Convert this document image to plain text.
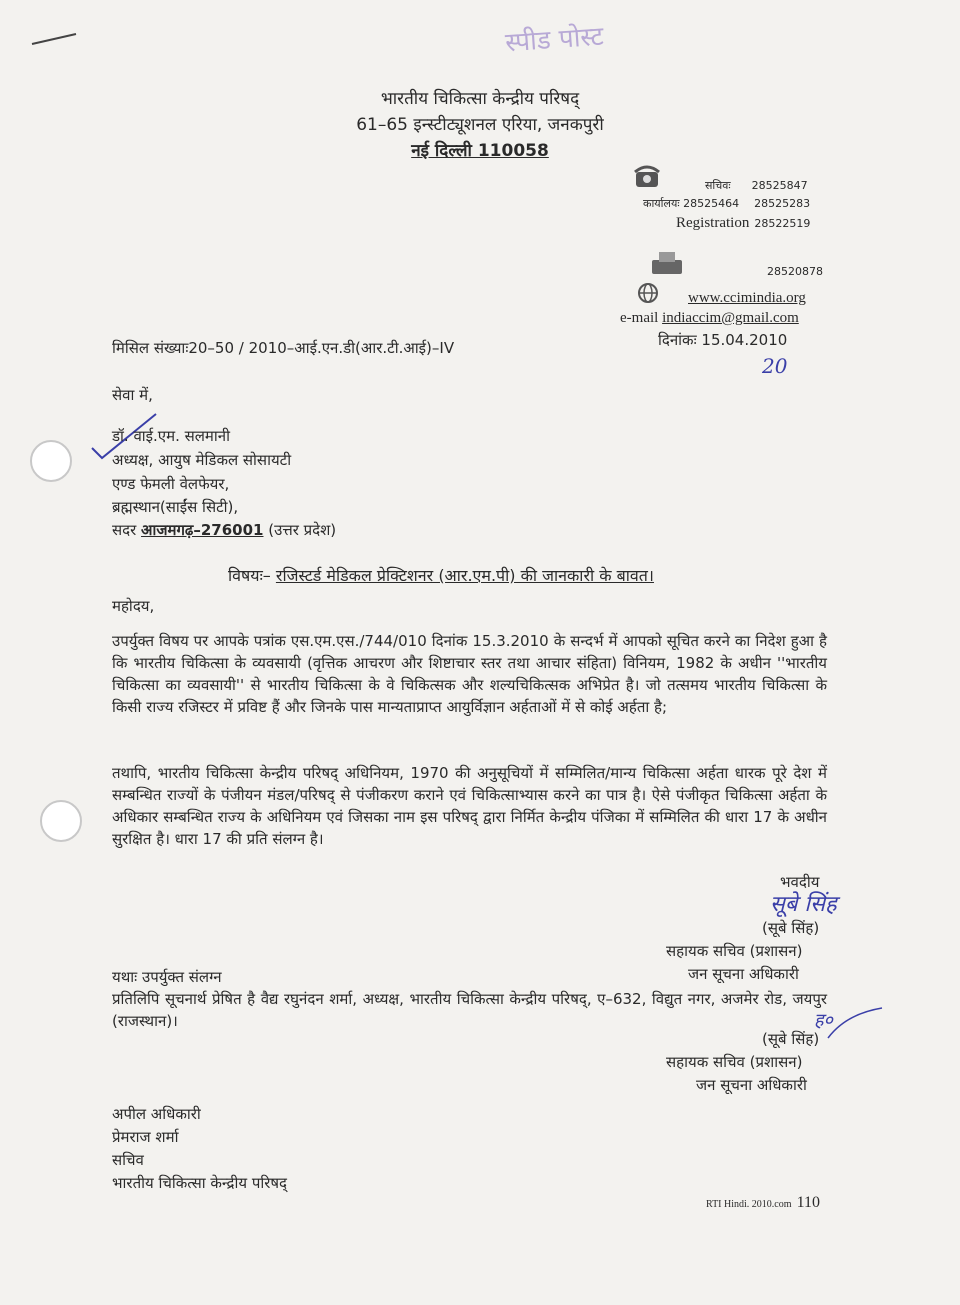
स्पीड पोस्ट
भारतीय चिकित्सा केन्द्रीय परिषद्
61–65 इन्स्टीट्यूशनल एरिया, जनकपुरी
नई दिल्ली 110058
सचिवः 28525847
कार्यालयः 28525464 28525283
Registration 28522519
28520878
www.ccimindia.org
e-mail indiaccim@gmail.com
मिसिल संख्याः20–50 / 2010–आई.एन.डी(आर.टी.आई)–IV	दिनांकः 15.04.2010
20
सेवा में,
डॉ. वाई.एम. सलमानी
अध्यक्ष, आयुष मेडिकल सोसायटी
एण्ड फेमली वेलफेयर,
ब्रह्मस्थान(साईंस सिटी),
सदर आजमगढ़–276001 (उत्तर प्रदेश)
विषयः– रजिस्टर्ड मेडिकल प्रेक्टिशनर (आर.एम.पी) की जानकारी के बावत।
महोदय,
उपर्युक्त विषय पर आपके पत्रांक एस.एम.एस./744/010 दिनांक 15.3.2010 के सन्दर्भ में आपको सूचित करने का निदेश हुआ है कि भारतीय चिकित्सा के व्यवसायी (वृत्तिक आचरण और शिष्टाचार स्तर तथा आचार संहिता) विनियम, 1982 के अधीन ''भारतीय चिकित्सा का व्यवसायी'' से भारतीय चिकित्सा के वे चिकित्सक और शल्यचिकित्सक अभिप्रेत है। जो तत्समय भारतीय चिकित्सा के किसी राज्य रजिस्टर में प्रविष्ट हैं और जिनके पास मान्यताप्राप्त आयुर्विज्ञान अर्हताओं में से कोई अर्हता है;
तथापि, भारतीय चिकित्सा केन्द्रीय परिषद् अधिनियम, 1970 की अनुसूचियों में सम्मिलित/मान्य चिकित्सा अर्हता धारक पूरे देश में सम्बन्धित राज्यों के पंजीयन मंडल/परिषद् से पंजीकरण कराने एवं चिकित्साभ्यास करने का पात्र है। ऐसे पंजीकृत चिकित्सा अर्हता के अधिकार सम्बन्धित राज्य के अधिनियम एवं जिसका नाम इस परिषद् द्वारा निर्मित केन्द्रीय पंजिका में सम्मिलित की धारा 17 के अधीन सुरक्षित है। धारा 17 की प्रति संलग्न है।
भवदीय
सूबे सिंह
(सूबे सिंह)
सहायक सचिव (प्रशासन)
जन सूचना अधिकारी
यथाः उपर्युक्त संलग्न
प्रतिलिपि सूचनार्थ प्रेषित है वैद्य रघुनंदन शर्मा, अध्यक्ष, भारतीय चिकित्सा केन्द्रीय परिषद्, ए–632, विद्युत नगर, अजमेर रोड, जयपुर (राजस्थान)।	ह०
(सूबे सिंह)
सहायक सचिव (प्रशासन)
जन सूचना अधिकारी
अपील अधिकारी
प्रेमराज शर्मा
सचिव
भारतीय चिकित्सा केन्द्रीय परिषद्
RTI Hindi. 2010.com 110
